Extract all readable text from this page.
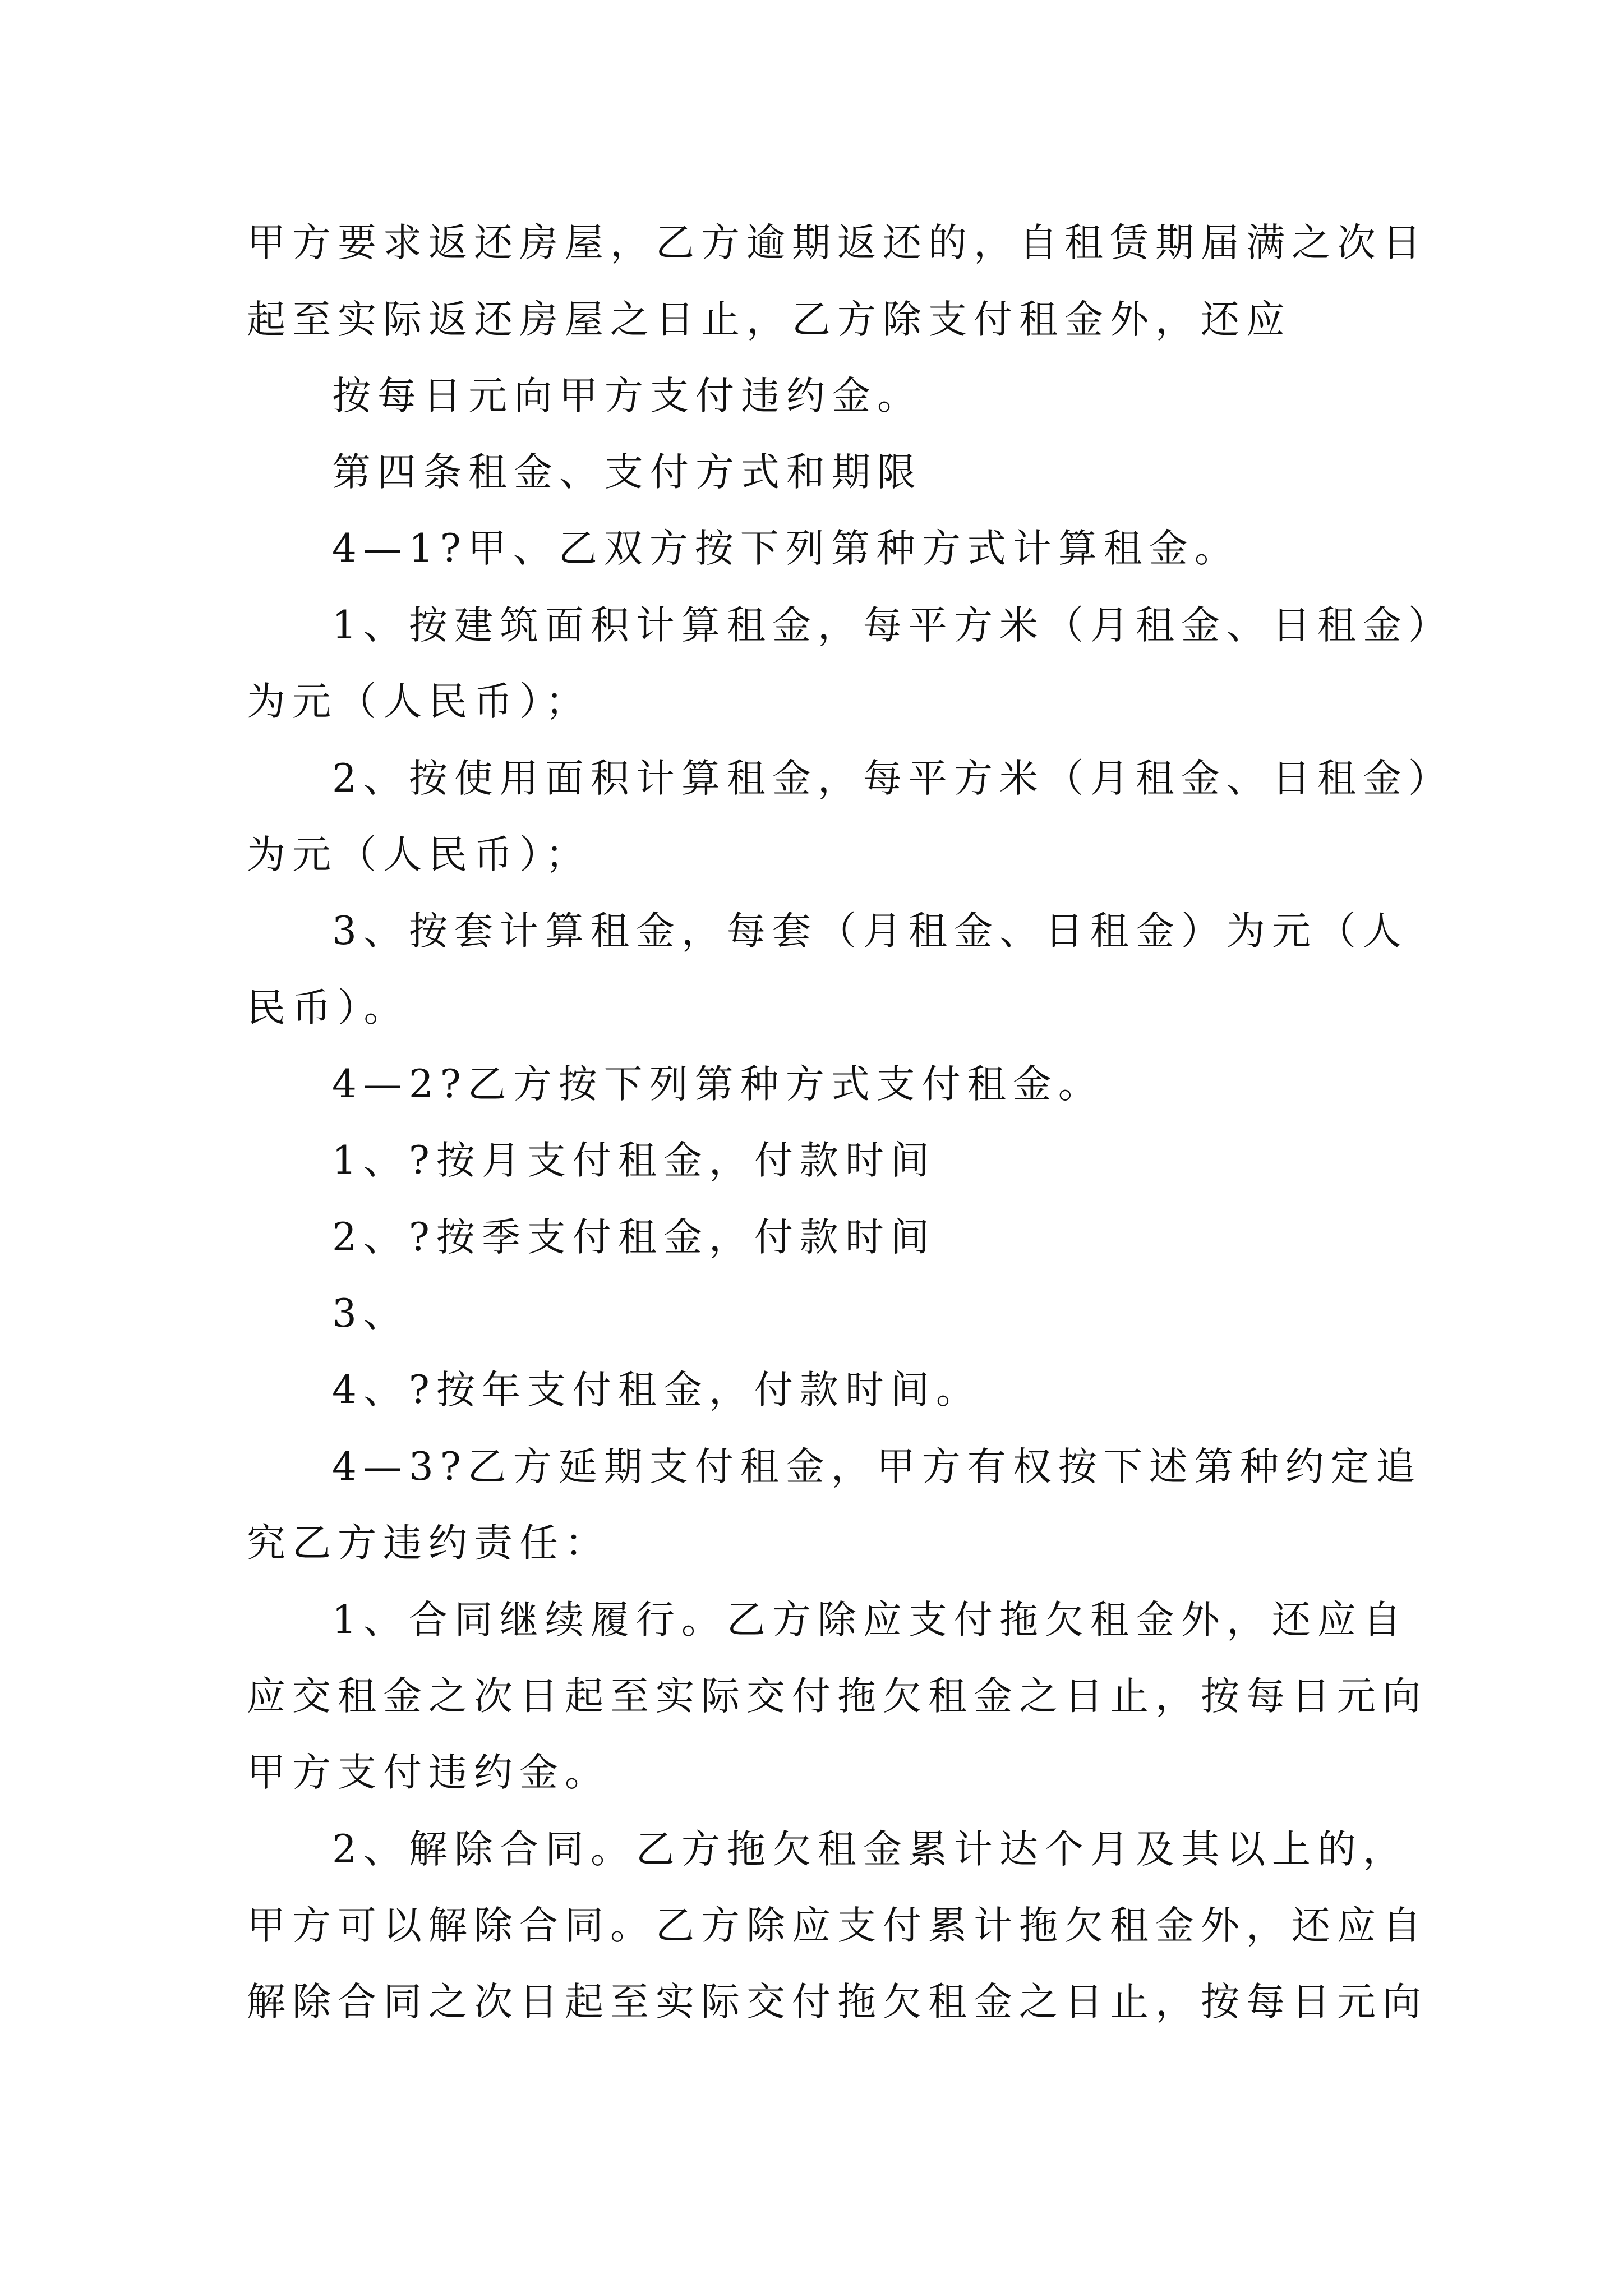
甲方要求返还房屋，乙方逾期返还的，自租赁期届满之次日
起至实际返还房屋之日止，乙方除支付租金外，还应
按每日元向甲方支付违约金。
第四条租金、支付方式和期限
4—1?甲、乙双方按下列第种方式计算租金。
1、按建筑面积计算租金，每平方米（月租金、日租金）
为元（人民币）；
2、按使用面积计算租金，每平方米（月租金、日租金）
为元（人民币）；
3、按套计算租金，每套（月租金、日租金）为元（人
民币）。
4—2?乙方按下列第种方式支付租金。
1、?按月支付租金，付款时间
2、?按季支付租金，付款时间
3、
4、?按年支付租金，付款时间。
4—3?乙方延期支付租金，甲方有权按下述第种约定追
究乙方违约责任：
1、合同继续履行。乙方除应支付拖欠租金外，还应自
应交租金之次日起至实际交付拖欠租金之日止，按每日元向
甲方支付违约金。
2、解除合同。乙方拖欠租金累计达个月及其以上的，
甲方可以解除合同。乙方除应支付累计拖欠租金外，还应自
解除合同之次日起至实际交付拖欠租金之日止，按每日元向
